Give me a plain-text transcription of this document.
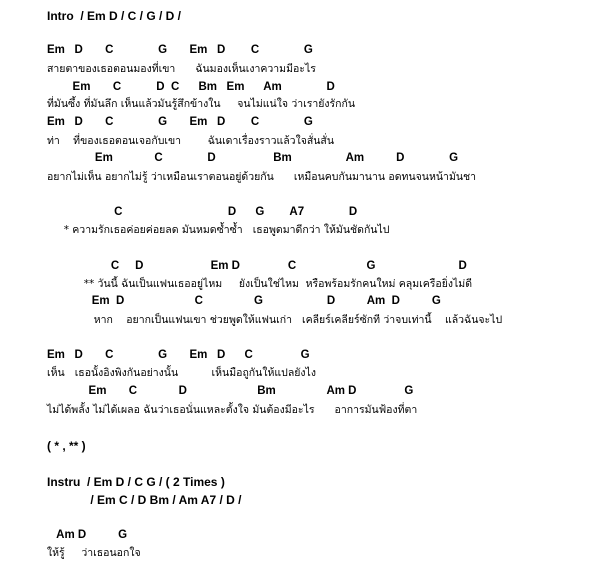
Intro  / Em D / C / G / D /
Em   D       C              G       Em   D        C              G
สายตาของเธอตอนมองที่เขา      ฉันมองเห็นเงาความมีอะไร
Em       C           D  C      Bm   Em      Am              D
ที่มันซึ้ง ที่มันลึก เห็นแล้วมันรู้สึกข้างใน     จนไม่แน่ใจ ว่าเรายังรักกัน
Em   D       C              G       Em   D        C              G
ท่า    ที่ของเธอตอนเจอกับเขา        ฉันเดาเรื่องราวแล้วใจสั่นสั่น
Em             C              D                  Bm                 Am          D              G
อยากไม่เห็น อยากไม่รู้ ว่าเหมือนเราตอนอยู่ด้วยกัน      เหมือนคบกันมานาน อดทนจนหน้ามันชา
C                                 D      G        A7              D
* ความรักเธอค่อยค่อยลด มันหมดซ้ำซ้ำ   เธอพูดมาดีกว่า ให้มันชัดกันไป
C     D                     Em D               C                      G                          D
** วันนี้ ฉันเป็นแฟนเธออยู่ไหม     ยังเป็นใช่ไหม  หรือพร้อมรักคนใหม่ คลุมเครือยิ่งไม่ดี
Em  D                      C                G                    D          Am  D          G
หาก    อยากเป็นแฟนเขา ช่วยพูดให้แฟนเก่า   เคลียร์เคลียร์ซักที ว่าจบเท่านี้    แล้วฉันจะไป
Em   D       C              G       Em   D      C               G
เห็น   เธอนั้งอิงพิงกันอย่างนั้น          เห็นมือถูกันให้แปลยังไง
Em       C             D                      Bm                Am D               G
ไม่ได้พลั้ง ไม่ได้เผลอ ฉันว่าเธอนั่นแหละตั้งใจ มันต้องมีอะไร      อาการมันฟ้องที่ตา
( * , ** )
Instru  / Em D / C G / ( 2 Times )
/ Em C / D Bm / Am A7 / D /
Am D          G
ให้รู้     ว่าเธอนอกใจ
